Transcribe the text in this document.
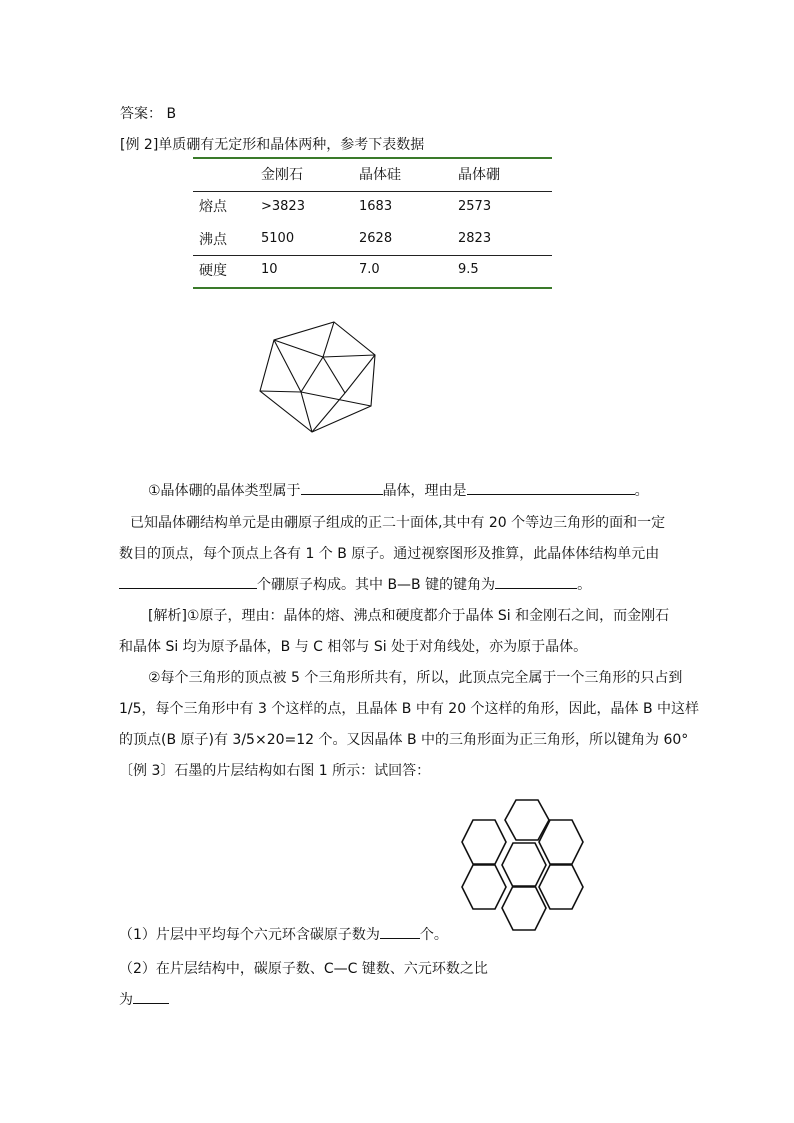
答案： B
[例 2]单质硼有无定形和晶体两种，参考下表数据
	金刚石	晶体硅	晶体硼
熔点	>3823	1683	2573
沸点	5100	2628	2823
硬度	10	7.0	9.5
①晶体硼的晶体类型属于	晶体，理由是	。
已知晶体硼结构单元是由硼原子组成的正二十面体,其中有 20 个等边三角形的面和一定
数目的顶点，每个顶点上各有 1 个 B 原子。通过视察图形及推算，此晶体体结构单元由
个硼原子构成。其中 B—B 键的键角为	。
[解析]①原子，理由：晶体的熔、沸点和硬度都介于晶体 Si 和金刚石之间，而金刚石
和晶体 Si 均为原予晶体，B 与 C 相邻与 Si 处于对角线处，亦为原于晶体。
②每个三角形的顶点被 5 个三角形所共有，所以，此顶点完全属于一个三角形的只占到
1/5，每个三角形中有 3 个这样的点，且晶体 B 中有 20 个这样的角形，因此，晶体 B 中这样
的顶点(B 原子)有 3/5×20=12 个。又因晶体 B 中的三角形面为正三角形，所以键角为 60°
〔例 3〕石墨的片层结构如右图 1 所示：试回答：
（1）片层中平均每个六元环含碳原子数为	个。
（2）在片层结构中，碳原子数、C—C 键数、六元环数之比
为
